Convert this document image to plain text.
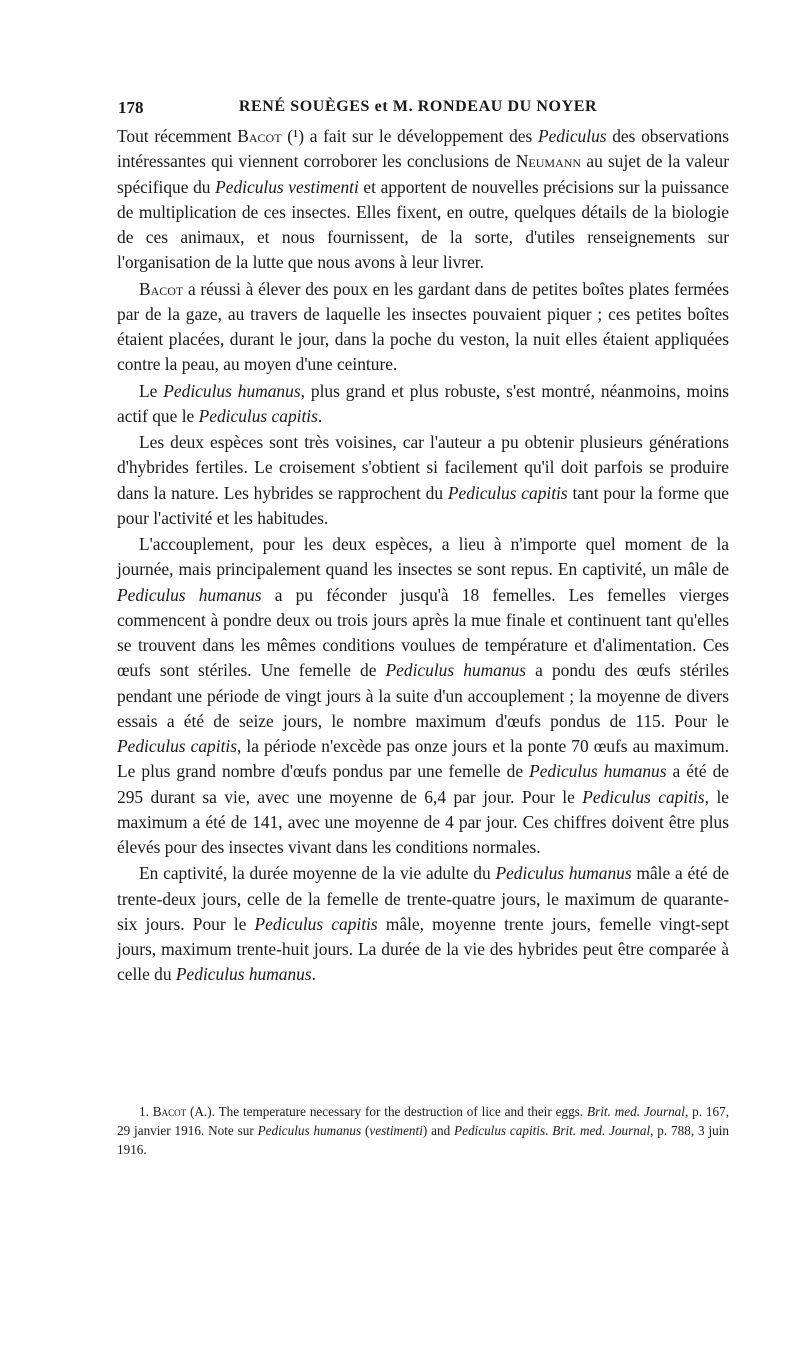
178	RENÉ SOUÈGES et M. RONDEAU DU NOYER

Tout récemment Bacot (¹) a fait sur le développement des Pediculus des observations intéressantes qui viennent corroborer les conclusions de Neumann au sujet de la valeur spécifique du Pediculus vestimenti et apportent de nouvelles précisions sur la puissance de multiplication de ces insectes. Elles fixent, en outre, quelques détails de la biologie de ces animaux, et nous fournissent, de la sorte, d'utiles renseignements sur l'organisation de la lutte que nous avons à leur livrer.

Bacot a réussi à élever des poux en les gardant dans de petites boîtes plates fermées par de la gaze, au travers de laquelle les insectes pouvaient piquer ; ces petites boîtes étaient placées, durant le jour, dans la poche du veston, la nuit elles étaient appliquées contre la peau, au moyen d'une ceinture.

Le Pediculus humanus, plus grand et plus robuste, s'est montré, néanmoins, moins actif que le Pediculus capitis.

Les deux espèces sont très voisines, car l'auteur a pu obtenir plusieurs générations d'hybrides fertiles. Le croisement s'obtient si facilement qu'il doit parfois se produire dans la nature. Les hybrides se rapprochent du Pediculus capitis tant pour la forme que pour l'activité et les habitudes.

L'accouplement, pour les deux espèces, a lieu à n'importe quel moment de la journée, mais principalement quand les insectes se sont repus. En captivité, un mâle de Pediculus humanus a pu féconder jusqu'à 18 femelles. Les femelles vierges commencent à pondre deux ou trois jours après la mue finale et continuent tant qu'elles se trouvent dans les mêmes conditions voulues de température et d'alimentation. Ces œufs sont stériles. Une femelle de Pediculus humanus a pondu des œufs stériles pendant une période de vingt jours à la suite d'un accouplement ; la moyenne de divers essais a été de seize jours, le nombre maximum d'œufs pondus de 115. Pour le Pediculus capitis, la période n'excède pas onze jours et la ponte 70 œufs au maximum. Le plus grand nombre d'œufs pondus par une femelle de Pediculus humanus a été de 295 durant sa vie, avec une moyenne de 6,4 par jour. Pour le Pediculus capitis, le maximum a été de 141, avec une moyenne de 4 par jour. Ces chiffres doivent être plus élevés pour des insectes vivant dans les conditions normales.

En captivité, la durée moyenne de la vie adulte du Pediculus humanus mâle a été de trente-deux jours, celle de la femelle de trente-quatre jours, le maximum de quarante-six jours. Pour le Pediculus capitis mâle, moyenne trente jours, femelle vingt-sept jours, maximum trente-huit jours. La durée de la vie des hybrides peut être comparée à celle du Pediculus humanus.

1. Bacot (A.). The temperature necessary for the destruction of lice and their eggs. Brit. med. Journal, p. 167, 29 janvier 1916. Note sur Pediculus humanus (vestimenti) and Pediculus capitis. Brit. med. Journal, p. 788, 3 juin 1916.
